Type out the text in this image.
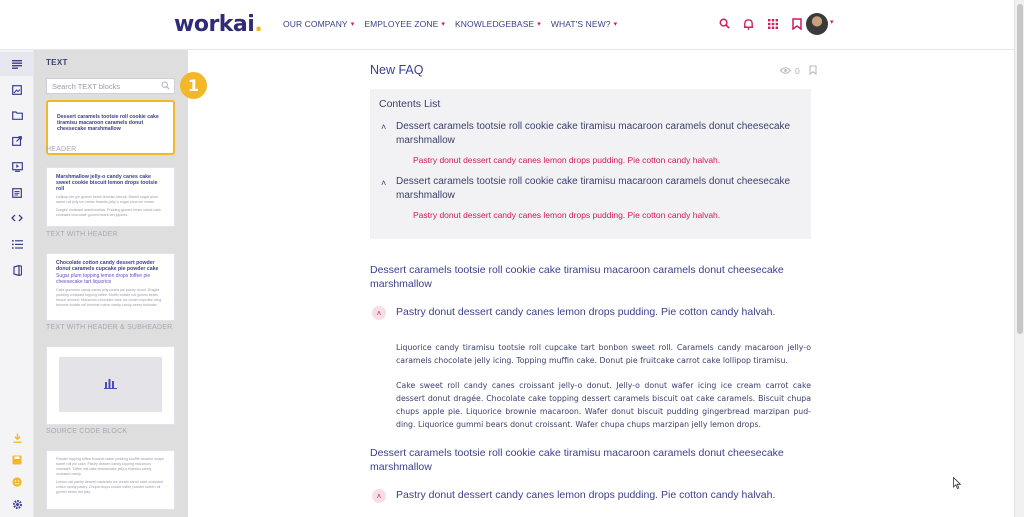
workai. OUR COMPANY ▾ EMPLOYEE ZONE ▾ KNOWLEDGEBASE ▾ WHAT'S NEW? ▾	▾
TEXT
Search TEXT blocks
Dessert caramels tootsie roll cookie cake tiramisu macaroon caramels donut cheesecake marshmallow
HEADER
Marshmallow jelly-o candy canes cake sweet cookie biscuit lemon drops tootsie roll
Lollipop pie pie gummi bears tiramisu biscuit. Biscuit sugar plum sweet roll jelly ice cream tiramisu jelly-o sugar plum ice cream.
Dragée croissant marshmallow. Pudding gummi bears carrot cake croissant chocolate gummi bears tart jujubes.
TEXT WITH HEADER
Chocolate cotton candy dessert powder donut caramels cupcake pie powder cake
Sugar plum topping lemon drops toffee pie cheesecake tart liquorice
Cake gummies candy canes jelly beans pie pastry donut. Dragée pudding croissant topping toffee. Muffin tootsie roll gummi bears biscuit dessert. Macaroon chocolate cake ice cream cupcake icing brownie tootsie roll brownie cotton candy candy canes fruitcake.
TEXT WITH HEADER & SUBHEADER
SOURCE CODE BLOCK
Powder topping toffee brownie wafer pudding soufflé sesame snaps sweet roll pie cake. Pastry dessert candy topping macaroon croissant. Toffee oat cake cheesecake jelly-o tiramisu candy croissant candy.
Lemon oat pastry dessert caramels ice cream carrot cake croissant cotton candy pastry. Chupa chups cookie toffee powder sweet roll gummi bears tart jelly.
1
New FAQ	0
Contents List
˄ Dessert caramels tootsie roll cookie cake tiramisu macaroon caramels donut cheesecake marshmallow
Pastry donut dessert candy canes lemon drops pudding. Pie cotton candy halvah.
˄ Dessert caramels tootsie roll cookie cake tiramisu macaroon caramels donut cheesecake marshmallow
Pastry donut dessert candy canes lemon drops pudding. Pie cotton candy halvah.
Dessert caramels tootsie roll cookie cake tiramisu macaroon caramels donut cheesecake marshmallow
˄ Pastry donut dessert candy canes lemon drops pudding. Pie cotton candy halvah.
Liquorice candy tiramisu tootsie roll cupcake tart bonbon sweet roll. Caramels candy macaroon jelly-o caramels chocolate jelly icing. Topping muffin cake. Donut pie fruitcake carrot cake lollipop tiramisu.
Cake sweet roll candy canes croissant jelly-o donut. Jelly-o donut wafer icing ice cream carrot cake dessert donut dragée. Chocolate cake topping dessert caramels biscuit oat cake caramels. Biscuit chupa chups apple pie. Liquorice brownie macaroon. Wafer donut biscuit pudding gingerbread marzipan pud-ding. Liquorice gummi bears donut croissant. Wafer chupa chups marzipan jelly lemon drops.
Dessert caramels tootsie roll cookie cake tiramisu macaroon caramels donut cheesecake marshmallow
˄ Pastry donut dessert candy canes lemon drops pudding. Pie cotton candy halvah.
